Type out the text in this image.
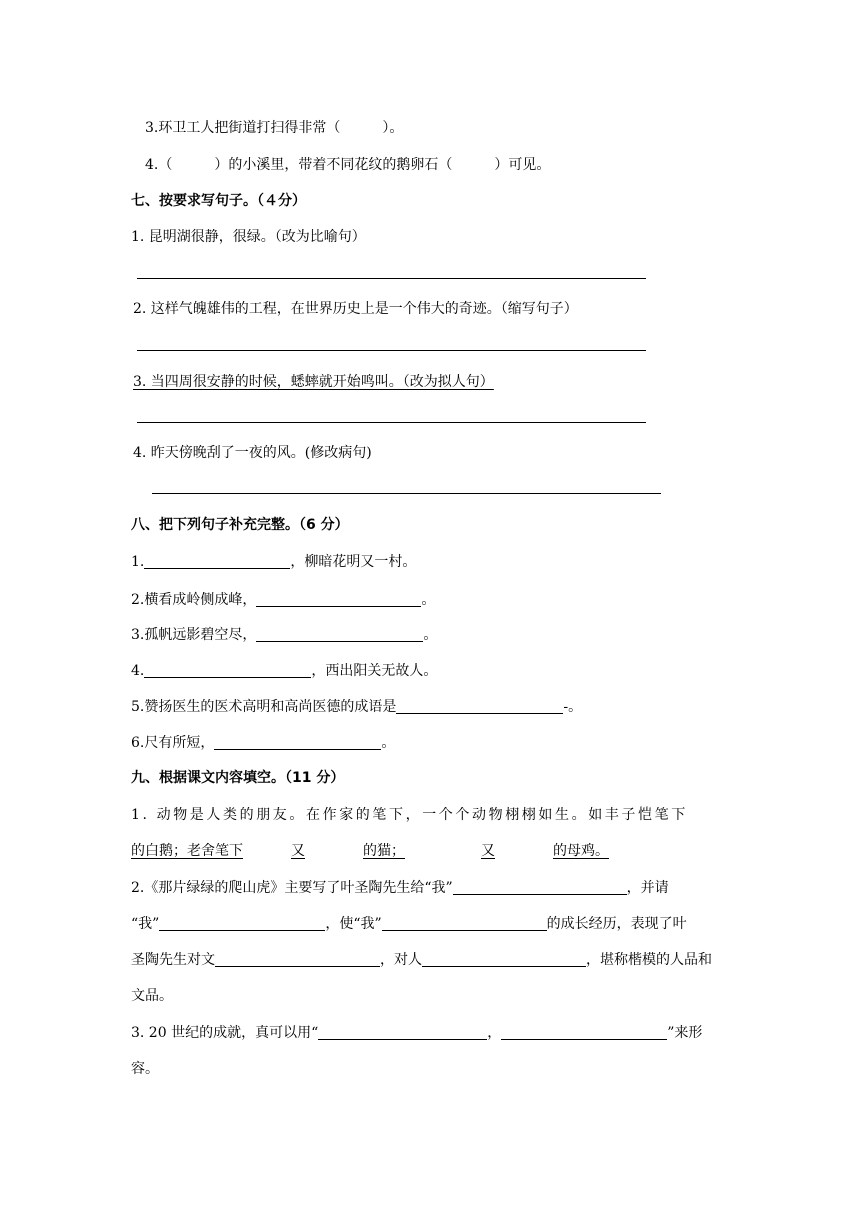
3.环卫工人把街道打扫得非常（　　　）。
4.（　　　）的小溪里，带着不同花纹的鹅卵石（　　　）可见。
七、按要求写句子。（４分）
1. 昆明湖很静，很绿。（改为比喻句）
2. 这样气魄雄伟的工程，在世界历史上是一个伟大的奇迹。（缩写句子）
3. 当四周很安静的时候，蟋蟀就开始鸣叫。（改为拟人句）
4. 昨天傍晚刮了一夜的风。(修改病句)
八、把下列句子补充完整。（6 分）
1.	，柳暗花明又一村。
2.横看成岭侧成峰，	。
3.孤帆远影碧空尽，	。
4.	，西出阳关无故人。
5.赞扬医生的医术高明和高尚医德的成语是	-。
6.尺有所短，	。
九、根据课文内容填空。（11 分）
1. 动物是人类的朋友。在作家的笔下，一个个动物栩栩如生。如丰子恺笔下
的白鹅；老舍笔下	又	的猫；	又	的母鸡。
2.《那片绿绿的爬山虎》主要写了叶圣陶先生给“我”	，并请
“我”	，使“我”	的成长经历，表现了叶
圣陶先生对文	，对人	，堪称楷模的人品和
文品。
3. 20 世纪的成就，真可以用“	，	”来形
容。
